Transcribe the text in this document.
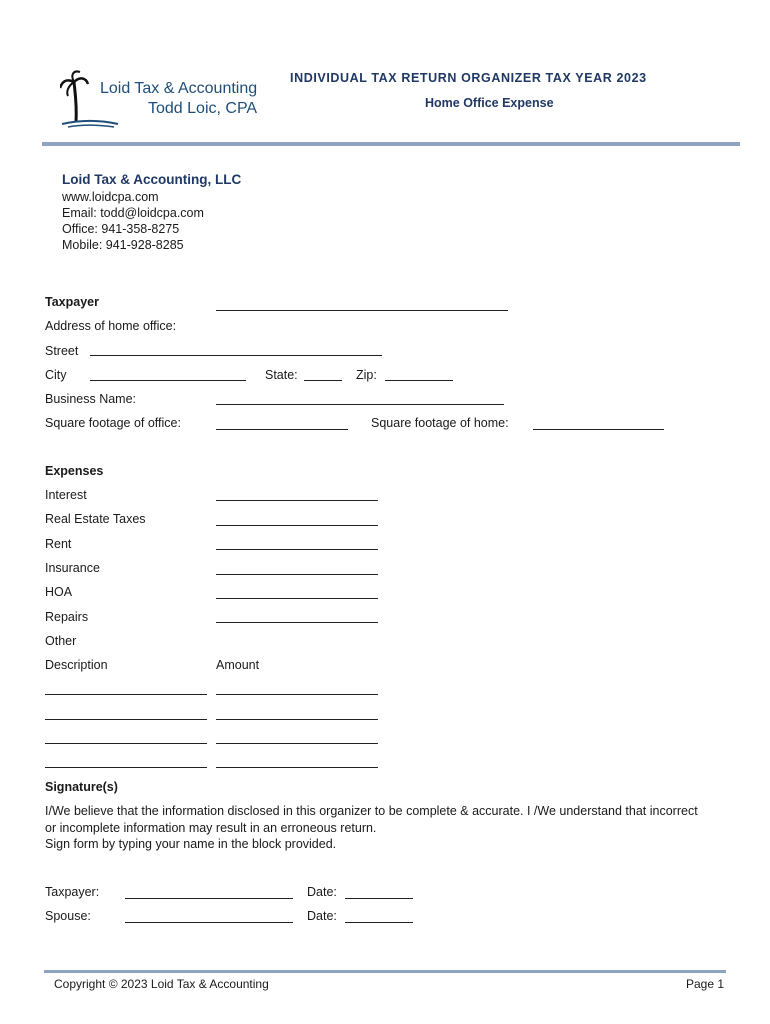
Loid Tax & Accounting
Todd Loic, CPA
INDIVIDUAL TAX RETURN ORGANIZER TAX YEAR 2023
Home Office Expense
Loid Tax & Accounting, LLC
www.loidcpa.com
Email: todd@loidcpa.com
Office: 941-358-8275
Mobile: 941-928-8285
Taxpayer
Address of home office:
Street
City	State:	Zip:
Business Name:
Square footage of office:	Square footage of home:
Expenses
Interest
Real Estate Taxes
Rent
Insurance
HOA
Repairs
Other
Description	Amount
Signature(s)
I/We believe that the information disclosed in this organizer to be complete & accurate. I /We understand that incorrect
or incomplete information may result in an erroneous return.
Sign form by typing your name in the block provided.
Taxpayer:	Date:
Spouse:	Date:
Copyright © 2023 Loid Tax & Accounting	Page 1
